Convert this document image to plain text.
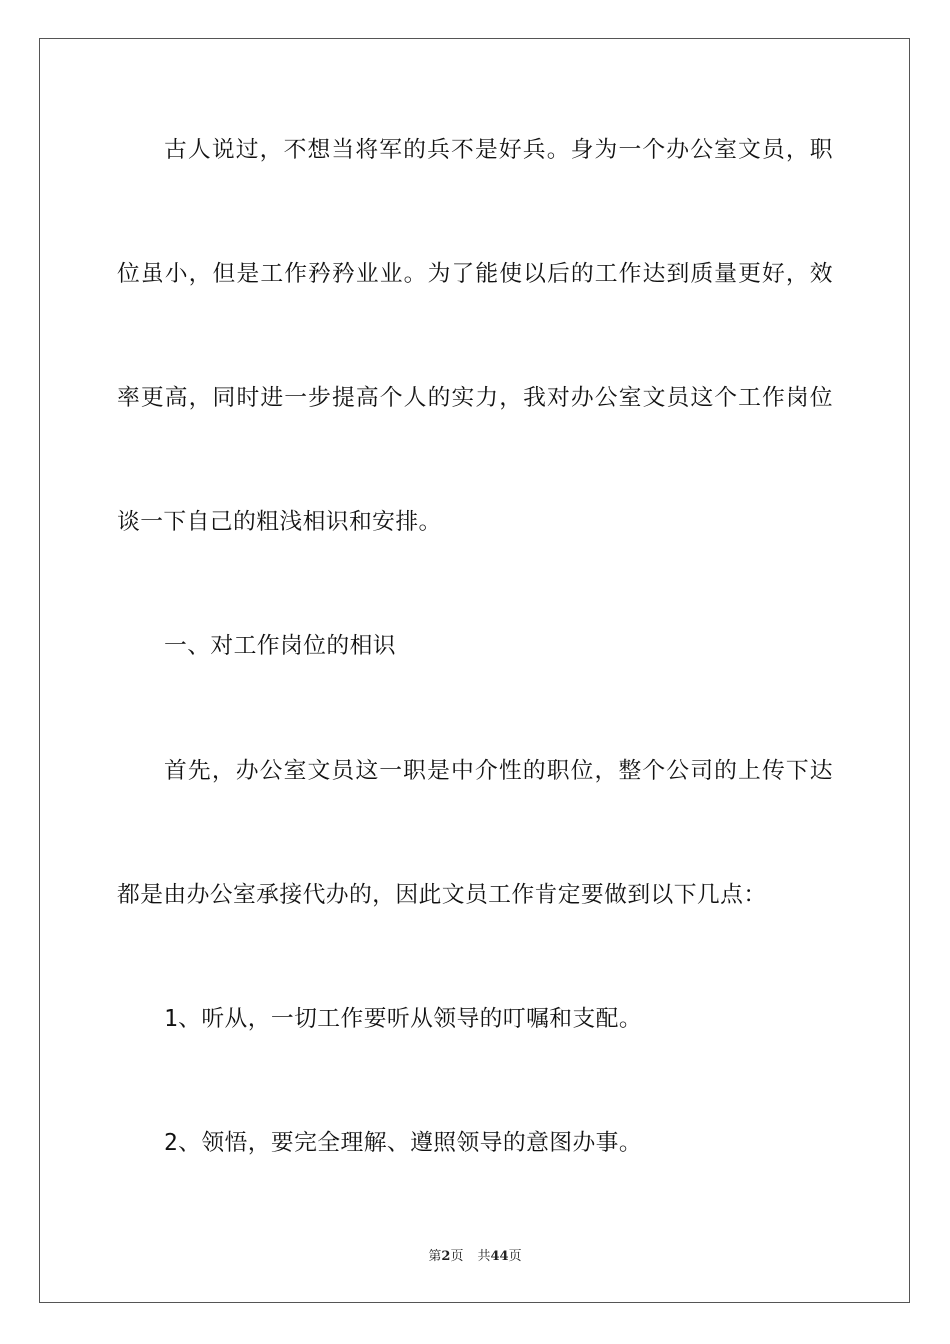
古人说过，不想当将军的兵不是好兵。身为一个办公室文员，职
位虽小，但是工作矜矜业业。为了能使以后的工作达到质量更好，效
率更高，同时进一步提高个人的实力，我对办公室文员这个工作岗位
谈一下自己的粗浅相识和安排。
一、对工作岗位的相识
首先，办公室文员这一职是中介性的职位，整个公司的上传下达
都是由办公室承接代办的，因此文员工作肯定要做到以下几点：
1、听从，一切工作要听从领导的叮嘱和支配。
2、领悟，要完全理解、遵照领导的意图办事。
第2页 共44页
